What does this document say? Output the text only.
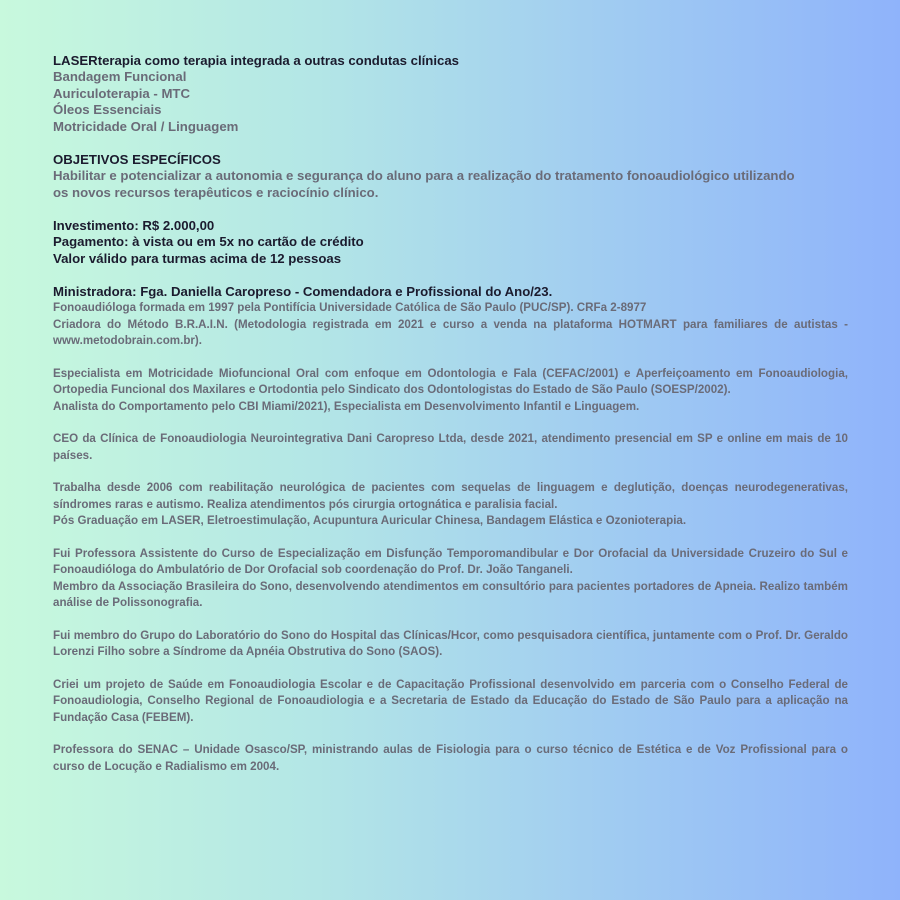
LASERterapia como terapia integrada a outras condutas clínicas
Bandagem Funcional
Auriculoterapia - MTC
Óleos Essenciais
Motricidade Oral / Linguagem
OBJETIVOS ESPECÍFICOS
Habilitar e potencializar a autonomia e segurança do aluno para a realização do tratamento fonoaudiológico utilizando
os novos recursos terapêuticos e raciocínio clínico.
Investimento: R$ 2.000,00
Pagamento: à vista ou em 5x no cartão de crédito
Valor válido para turmas acima de 12 pessoas
Ministradora: Fga. Daniella Caropreso - Comendadora e Profissional do Ano/23.
Fonoaudióloga formada em 1997 pela Pontifícia Universidade Católica de São Paulo (PUC/SP). CRFa 2-8977
Criadora do Método B.R.A.I.N. (Metodologia registrada em 2021 e curso a venda na plataforma HOTMART para familiares de autistas - www.metodobrain.com.br).
Especialista em Motricidade Miofuncional Oral com enfoque em Odontologia e Fala (CEFAC/2001) e Aperfeiçoamento em Fonoaudiologia, Ortopedia Funcional dos Maxilares e Ortodontia pelo Sindicato dos Odontologistas do Estado de São Paulo (SOESP/2002).
Analista do Comportamento pelo CBI Miami/2021), Especialista em Desenvolvimento Infantil e Linguagem.
CEO da Clínica de Fonoaudiologia Neurointegrativa Dani Caropreso Ltda, desde 2021, atendimento presencial em SP e online em mais de 10 países.
Trabalha desde 2006 com reabilitação neurológica de pacientes com sequelas de linguagem e deglutição, doenças neurodegenerativas, síndromes raras e autismo. Realiza atendimentos pós cirurgia ortognática e paralisia facial.
Pós Graduação em LASER, Eletroestimulação, Acupuntura Auricular Chinesa, Bandagem Elástica e Ozonioterapia.
Fui Professora Assistente do Curso de Especialização em Disfunção Temporomandibular e Dor Orofacial da Universidade Cruzeiro do Sul e Fonoaudióloga do Ambulatório de Dor Orofacial sob coordenação do Prof. Dr. João Tanganeli.
Membro da Associação Brasileira do Sono, desenvolvendo atendimentos em consultório para pacientes portadores de Apneia. Realizo também análise de Polissonografia.
Fui membro do Grupo do Laboratório do Sono do Hospital das Clínicas/Hcor, como pesquisadora científica, juntamente com o Prof. Dr. Geraldo Lorenzi Filho sobre a Síndrome da Apnéia Obstrutiva do Sono (SAOS).
Criei um projeto de Saúde em Fonoaudiologia Escolar e de Capacitação Profissional desenvolvido em parceria com o Conselho Federal de Fonoaudiologia, Conselho Regional de Fonoaudiologia e a Secretaria de Estado da Educação do Estado de São Paulo para a aplicação na Fundação Casa (FEBEM).
Professora do SENAC – Unidade Osasco/SP, ministrando aulas de Fisiologia para o curso técnico de Estética e de Voz Profissional para o curso de Locução e Radialismo em 2004.
